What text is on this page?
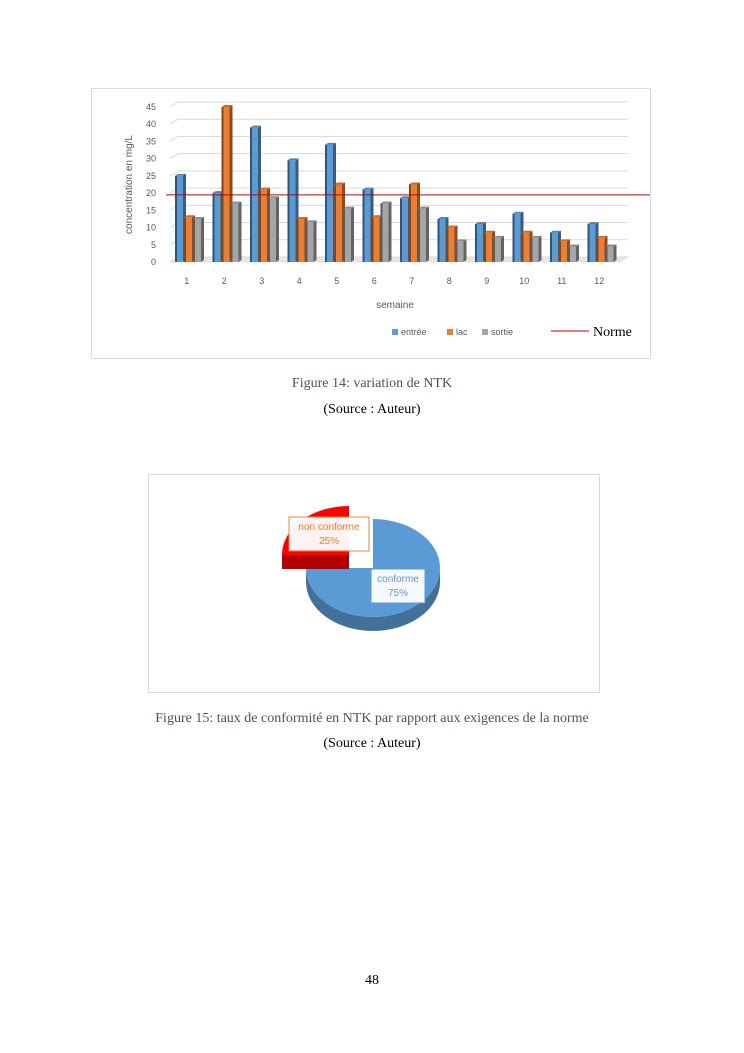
0
5
10
15
20
25
30
35
40
45
concentration en mg/L
1	2	3	4	5	6	7	8	9	10	11	12
semaine
entrée	lac	sortie	Norme
Figure 14: variation de NTK
(Source : Auteur)
non conforme
25%
conforme
75%
Figure 15: taux de conformité en NTK par rapport aux exigences de la norme
(Source : Auteur)
48
